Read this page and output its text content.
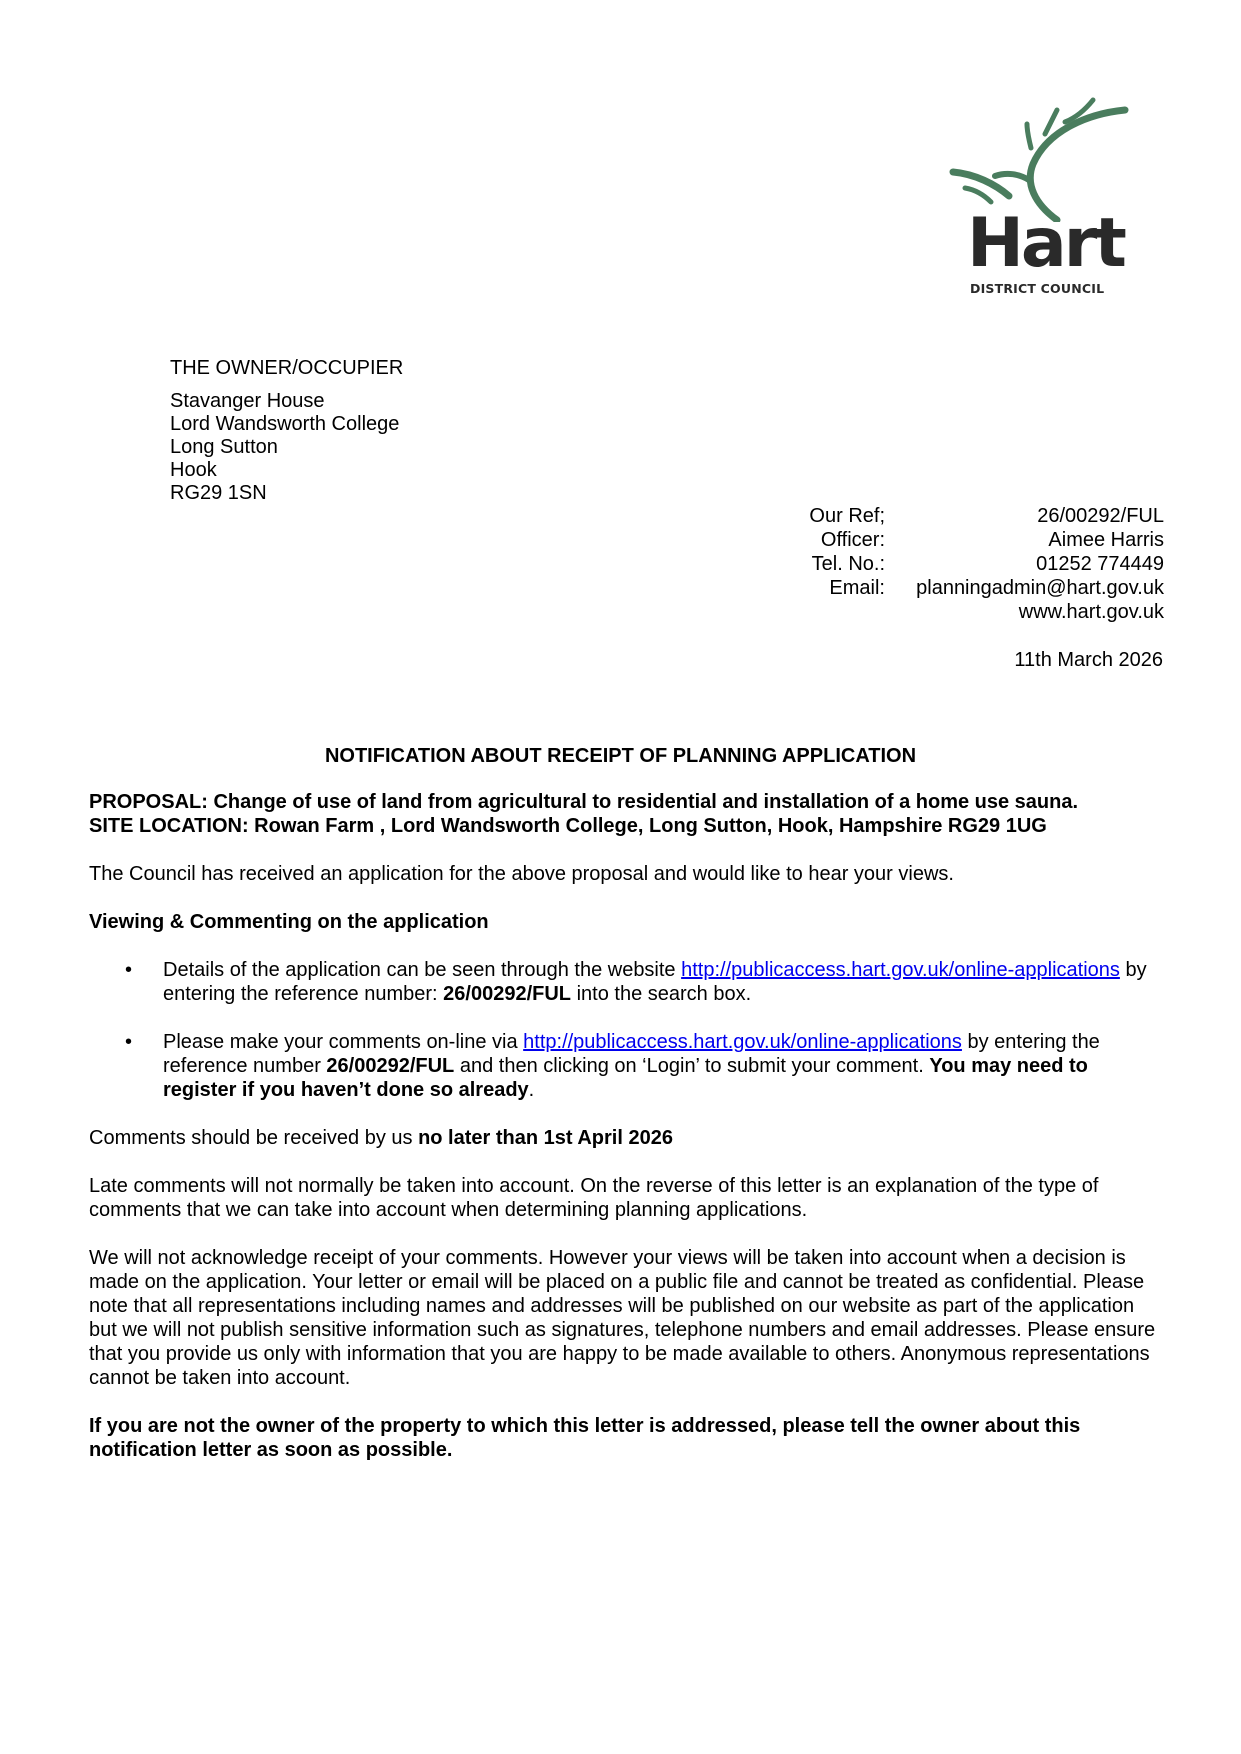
Hart
DISTRICT COUNCIL
THE OWNER/OCCUPIER
Stavanger House
Lord Wandsworth College
Long Sutton
Hook
RG29 1SN
Our Ref;	26/00292/FUL
Officer:	Aimee Harris
Tel. No.:	01252 774449
Email:	planningadmin@hart.gov.uk
www.hart.gov.uk
11th March 2026
NOTIFICATION ABOUT RECEIPT OF PLANNING APPLICATION

PROPOSAL: Change of use of land from agricultural to residential and installation of a home use sauna.
SITE LOCATION: Rowan Farm , Lord Wandsworth College, Long Sutton, Hook, Hampshire RG29 1UG

The Council has received an application for the above proposal and would like to hear your views.

Viewing & Commenting on the application

• Details of the application can be seen through the website http://publicaccess.hart.gov.uk/online-applications by entering the reference number: 26/00292/FUL into the search box.
• Please make your comments on-line via http://publicaccess.hart.gov.uk/online-applications by entering the reference number 26/00292/FUL and then clicking on ‘Login’ to submit your comment. You may need to register if you haven’t done so already.

Comments should be received by us no later than 1st April 2026

Late comments will not normally be taken into account. On the reverse of this letter is an explanation of the type of comments that we can take into account when determining planning applications.

We will not acknowledge receipt of your comments. However your views will be taken into account when a decision is made on the application. Your letter or email will be placed on a public file and cannot be treated as confidential. Please note that all representations including names and addresses will be published on our website as part of the application but we will not publish sensitive information such as signatures, telephone numbers and email addresses. Please ensure that you provide us only with information that you are happy to be made available to others. Anonymous representations cannot be taken into account.

If you are not the owner of the property to which this letter is addressed, please tell the owner about this notification letter as soon as possible.
